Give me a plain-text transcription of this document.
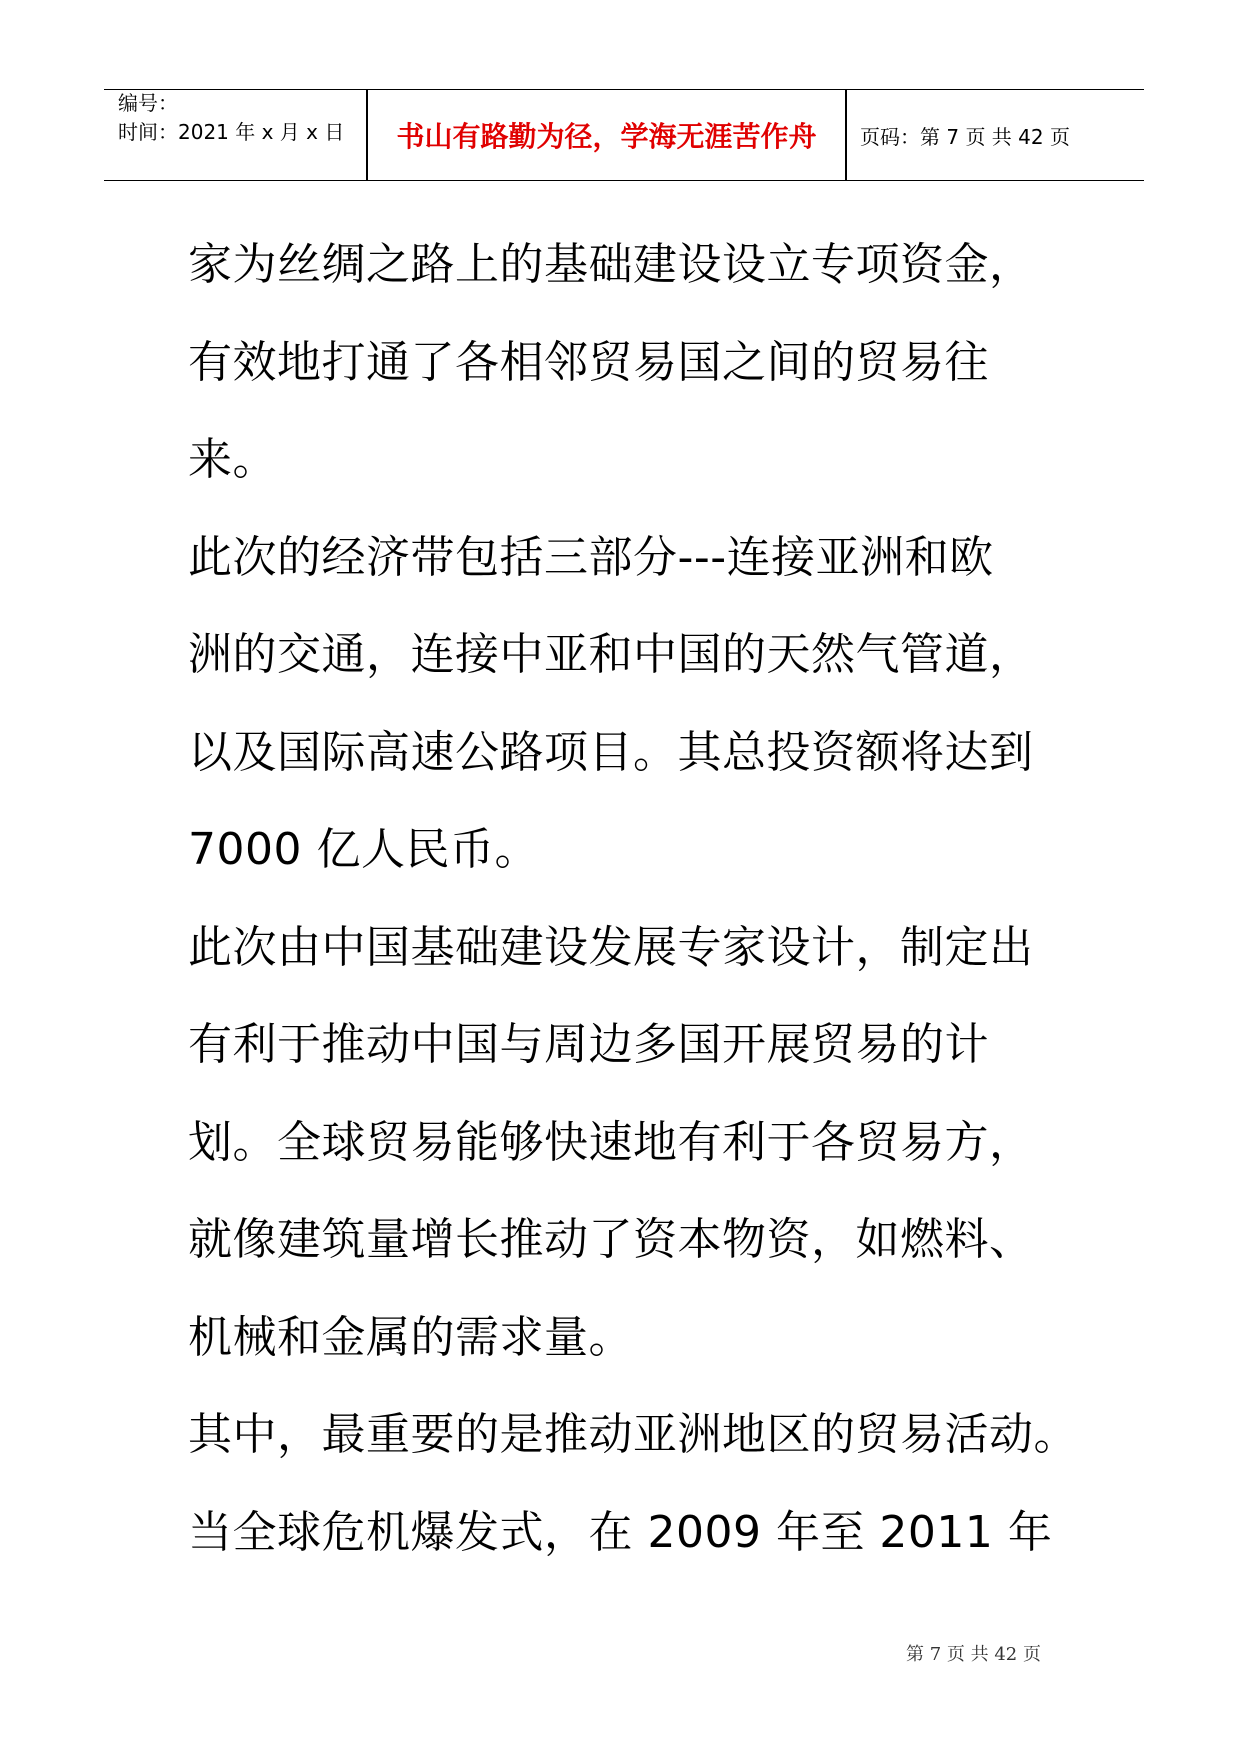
编号：
时间：2021 年 x 月 x 日	书山有路勤为径，学海无涯苦作舟	页码：第 7 页 共 42 页
家为丝绸之路上的基础建设设立专项资金，
有效地打通了各相邻贸易国之间的贸易往
来。
此次的经济带包括三部分---连接亚洲和欧
洲的交通，连接中亚和中国的天然气管道，
以及国际高速公路项目。其总投资额将达到
7000 亿人民币。
此次由中国基础建设发展专家设计，制定出
有利于推动中国与周边多国开展贸易的计
划。全球贸易能够快速地有利于各贸易方，
就像建筑量增长推动了资本物资，如燃料、
机械和金属的需求量。
其中，最重要的是推动亚洲地区的贸易活动。
当全球危机爆发式，在 2009 年至 2011 年
第 7 页 共 42 页
